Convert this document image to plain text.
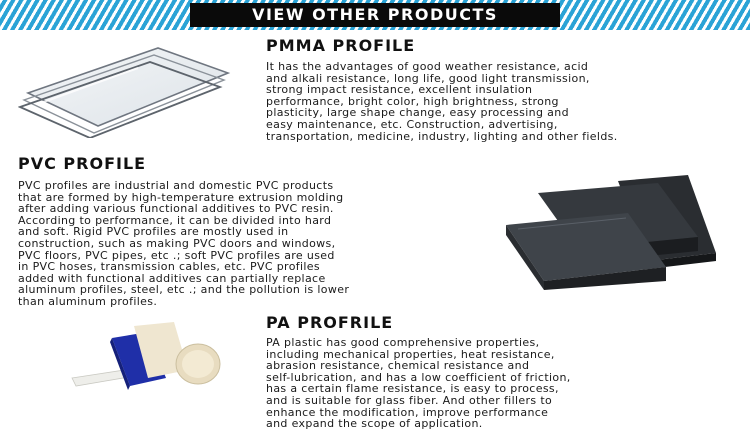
VIEW OTHER PRODUCTS
PMMA PROFILE

It has the advantages of good weather resistance, acid
and alkali resistance, long life, good light transmission,
strong impact resistance, excellent insulation
performance, bright color, high brightness, strong
plasticity, large shape change, easy processing and
easy maintenance, etc. Construction, advertising,
transportation, medicine, industry, lighting and other fields.

PVC PROFILE

PVC profiles are industrial and domestic PVC products
that are formed by high-temperature extrusion molding
after adding various functional additives to PVC resin.
According to performance, it can be divided into hard
and soft. Rigid PVC profiles are mostly used in
construction, such as making PVC doors and windows,
PVC floors, PVC pipes, etc .; soft PVC profiles are used
in PVC hoses, transmission cables, etc. PVC profiles
added with functional additives can partially replace
aluminum profiles, steel, etc .; and the pollution is lower
than aluminum profiles.

PA PROFRILE

PA plastic has good comprehensive properties,
including mechanical properties, heat resistance,
abrasion resistance, chemical resistance and
self-lubrication, and has a low coefficient of friction,
has a certain flame resistance, is easy to process,
and is suitable for glass fiber. And other fillers to
enhance the modification, improve performance
and expand the scope of application.
